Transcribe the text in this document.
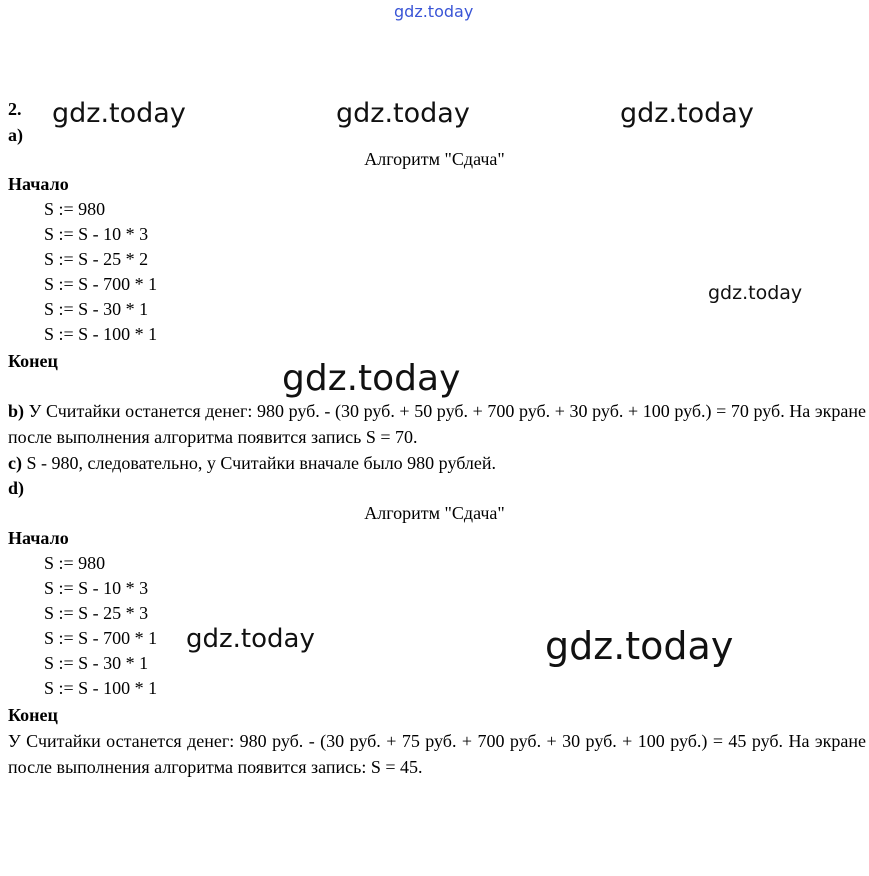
gdz.today
gdz.today	gdz.today	gdz.today
gdz.today
gdz.today
gdz.today	gdz.today
2.
a)
Алгоритм "Сдача"
Начало
S := 980
S := S - 10 * 3
S := S - 25 * 2
S := S - 700 * 1
S := S - 30 * 1
S := S - 100 * 1
Конец
b) У Считайки останется денег: 980 руб. - (30 руб. + 50 руб. + 700 руб. + 30 руб. + 100 руб.) = 70 руб. На экране после выполнения алгоритма появится запись S = 70.
c) S - 980, следовательно, у Считайки вначале было 980 рублей.
d)
Алгоритм "Сдача"
Начало
S := 980
S := S - 10 * 3
S := S - 25 * 3
S := S - 700 * 1
S := S - 30 * 1
S := S - 100 * 1
Конец
У Считайки останется денег: 980 руб. - (30 руб. + 75 руб. + 700 руб. + 30 руб. + 100 руб.) = 45 руб. На экране после выполнения алгоритма появится запись: S = 45.
